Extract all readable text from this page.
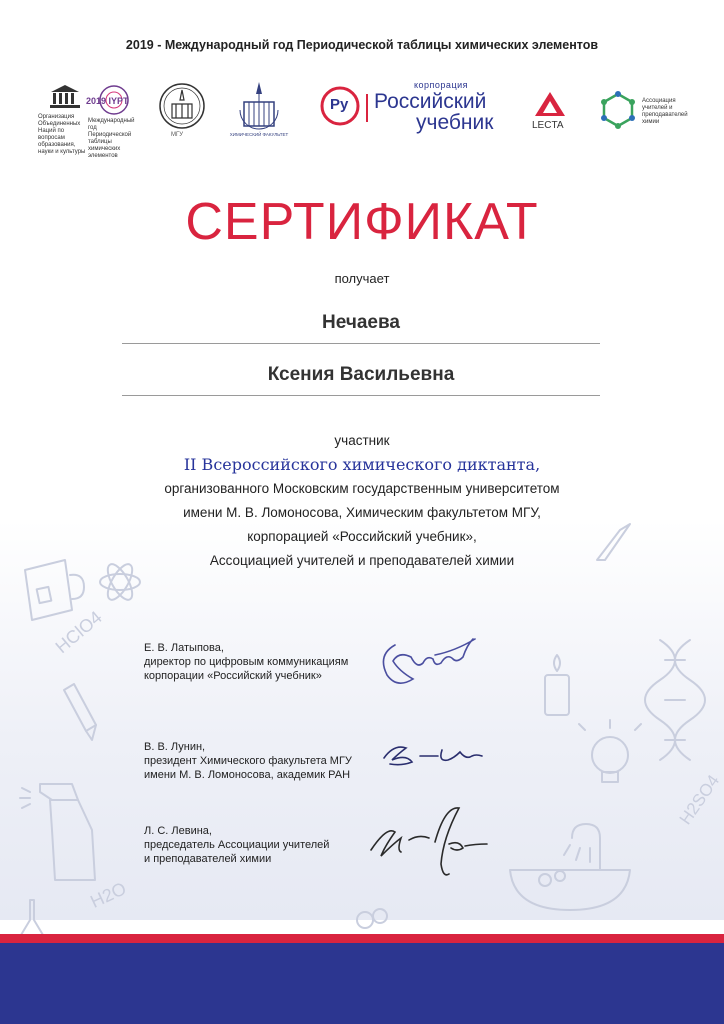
HClO4
H2SO4
H2O
2019 - Международный год Периодической таблицы химических элементов
Организация Объединенных Наций по вопросам образования, науки и культуры
2019 IYPT
Международный год Периодической таблицы химических элементов
МГУ	ХИМИЧЕСКИЙ ФАКУЛЬТЕТ
Ру
корпорация
Российский
учебник	LECTA
Ассоциация учителей и преподавателей химии
СЕРТИФИКАТ
получает
Нечаева
Ксения Васильевна
участник
II Всероссийского химического диктанта,
организованного Московским государственным университетом
имени М. В. Ломоносова, Химическим факультетом МГУ,
корпорацией «Российский учебник»,
Ассоциацией учителей и преподавателей химии
Е. В. Латыпова,
директор по цифровым коммуникациям
корпорации «Российский учебник»
В. В. Лунин,
президент Химического факультета МГУ
имени М. В. Ломоносова, академик РАН
Л. С. Левина,
председатель Ассоциации учителей
и преподавателей химии
